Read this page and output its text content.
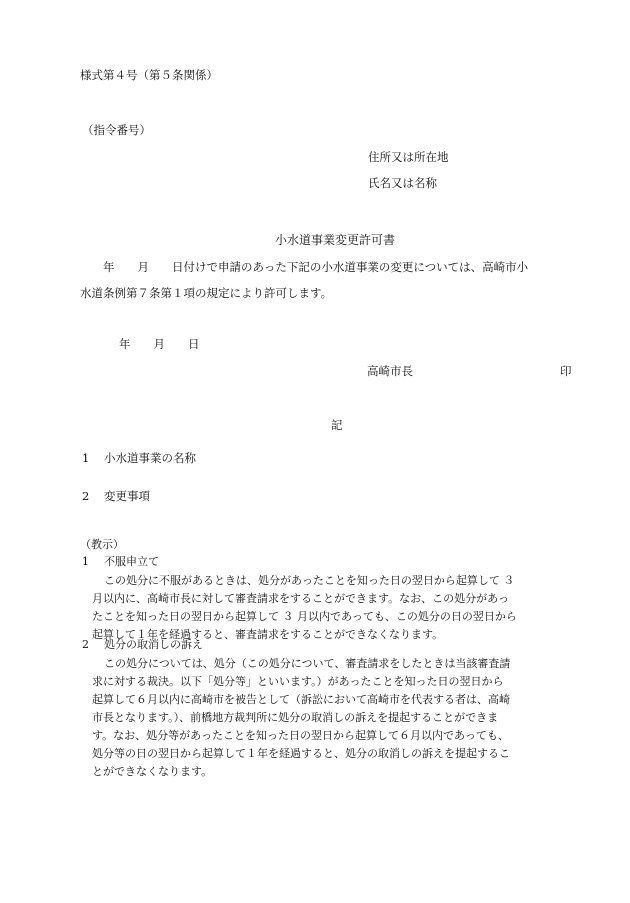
様式第４号（第５条関係）
（指令番号）
住所又は所在地
氏名又は名称
小水道事業変更許可書
　　年　　月　　日付けで申請のあった下記の小水道事業の変更については、高崎市小
水道条例第７条第１項の規定により許可します。
年　　月　　日
高崎市長	印
記
1 小水道事業の名称
2 変更事項
（教示）
1 不服申立て
この処分に不服があるときは、処分があったことを知った日の翌日から起算して ３
月以内に、高崎市長に対して審査請求をすることができます。なお、この処分があっ
たことを知った日の翌日から起算して ３ 月以内であっても、この処分の日の翌日から
起算して１年を経過すると、審査請求をすることができなくなります。
2 処分の取消しの訴え
この処分については、処分（この処分について、審査請求をしたときは当該審査請
求に対する裁決。以下「処分等」といいます。）があったことを知った日の翌日から
起算して６月以内に高崎市を被告として（訴訟において高崎市を代表する者は、高崎
市長となります。）、前橋地方裁判所に処分の取消しの訴えを提起することができま
す。なお、処分等があったことを知った日の翌日から起算して６月以内であっても、
処分等の日の翌日から起算して１年を経過すると、処分の取消しの訴えを提起するこ
とができなくなります。
